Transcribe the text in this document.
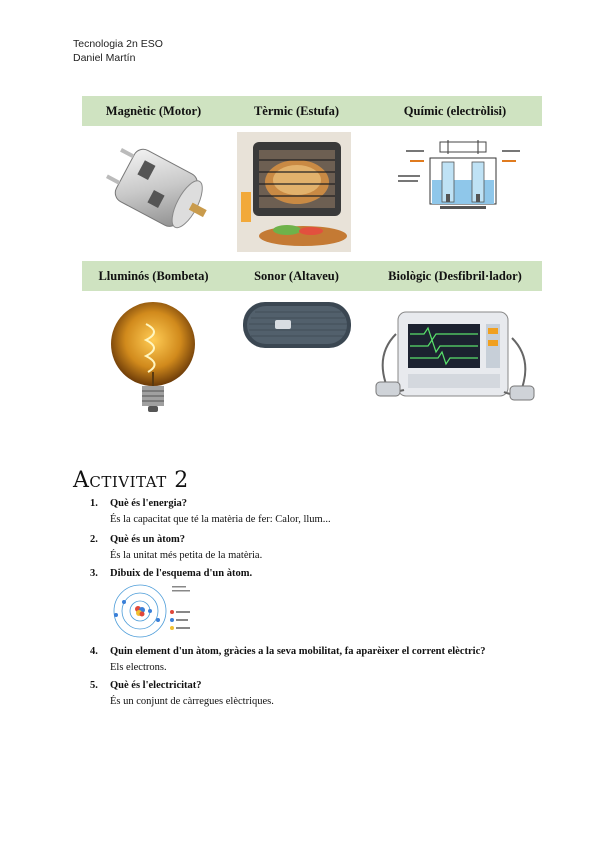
Tecnologia 2n ESO
Daniel Martín
Magnètic (Motor)	Tèrmic (Estufa)	Químic (electròlisi)
Lluminós (Bombeta)	Sonor (Altaveu)	Biològic (Desfibril·lador)
Activitat 2
1.	Què és l'energia?
És la capacitat que té la matèria de fer: Calor, llum...
2.	Què és un àtom?
És la unitat més petita de la matèria.
3.	Dibuix de l'esquema d'un àtom.
4.	Quin element d'un àtom, gràcies a la seva mobilitat, fa aparèixer el corrent elèctric?
Els electrons.
5.	Què és l'electricitat?
És un conjunt de càrregues elèctriques.
